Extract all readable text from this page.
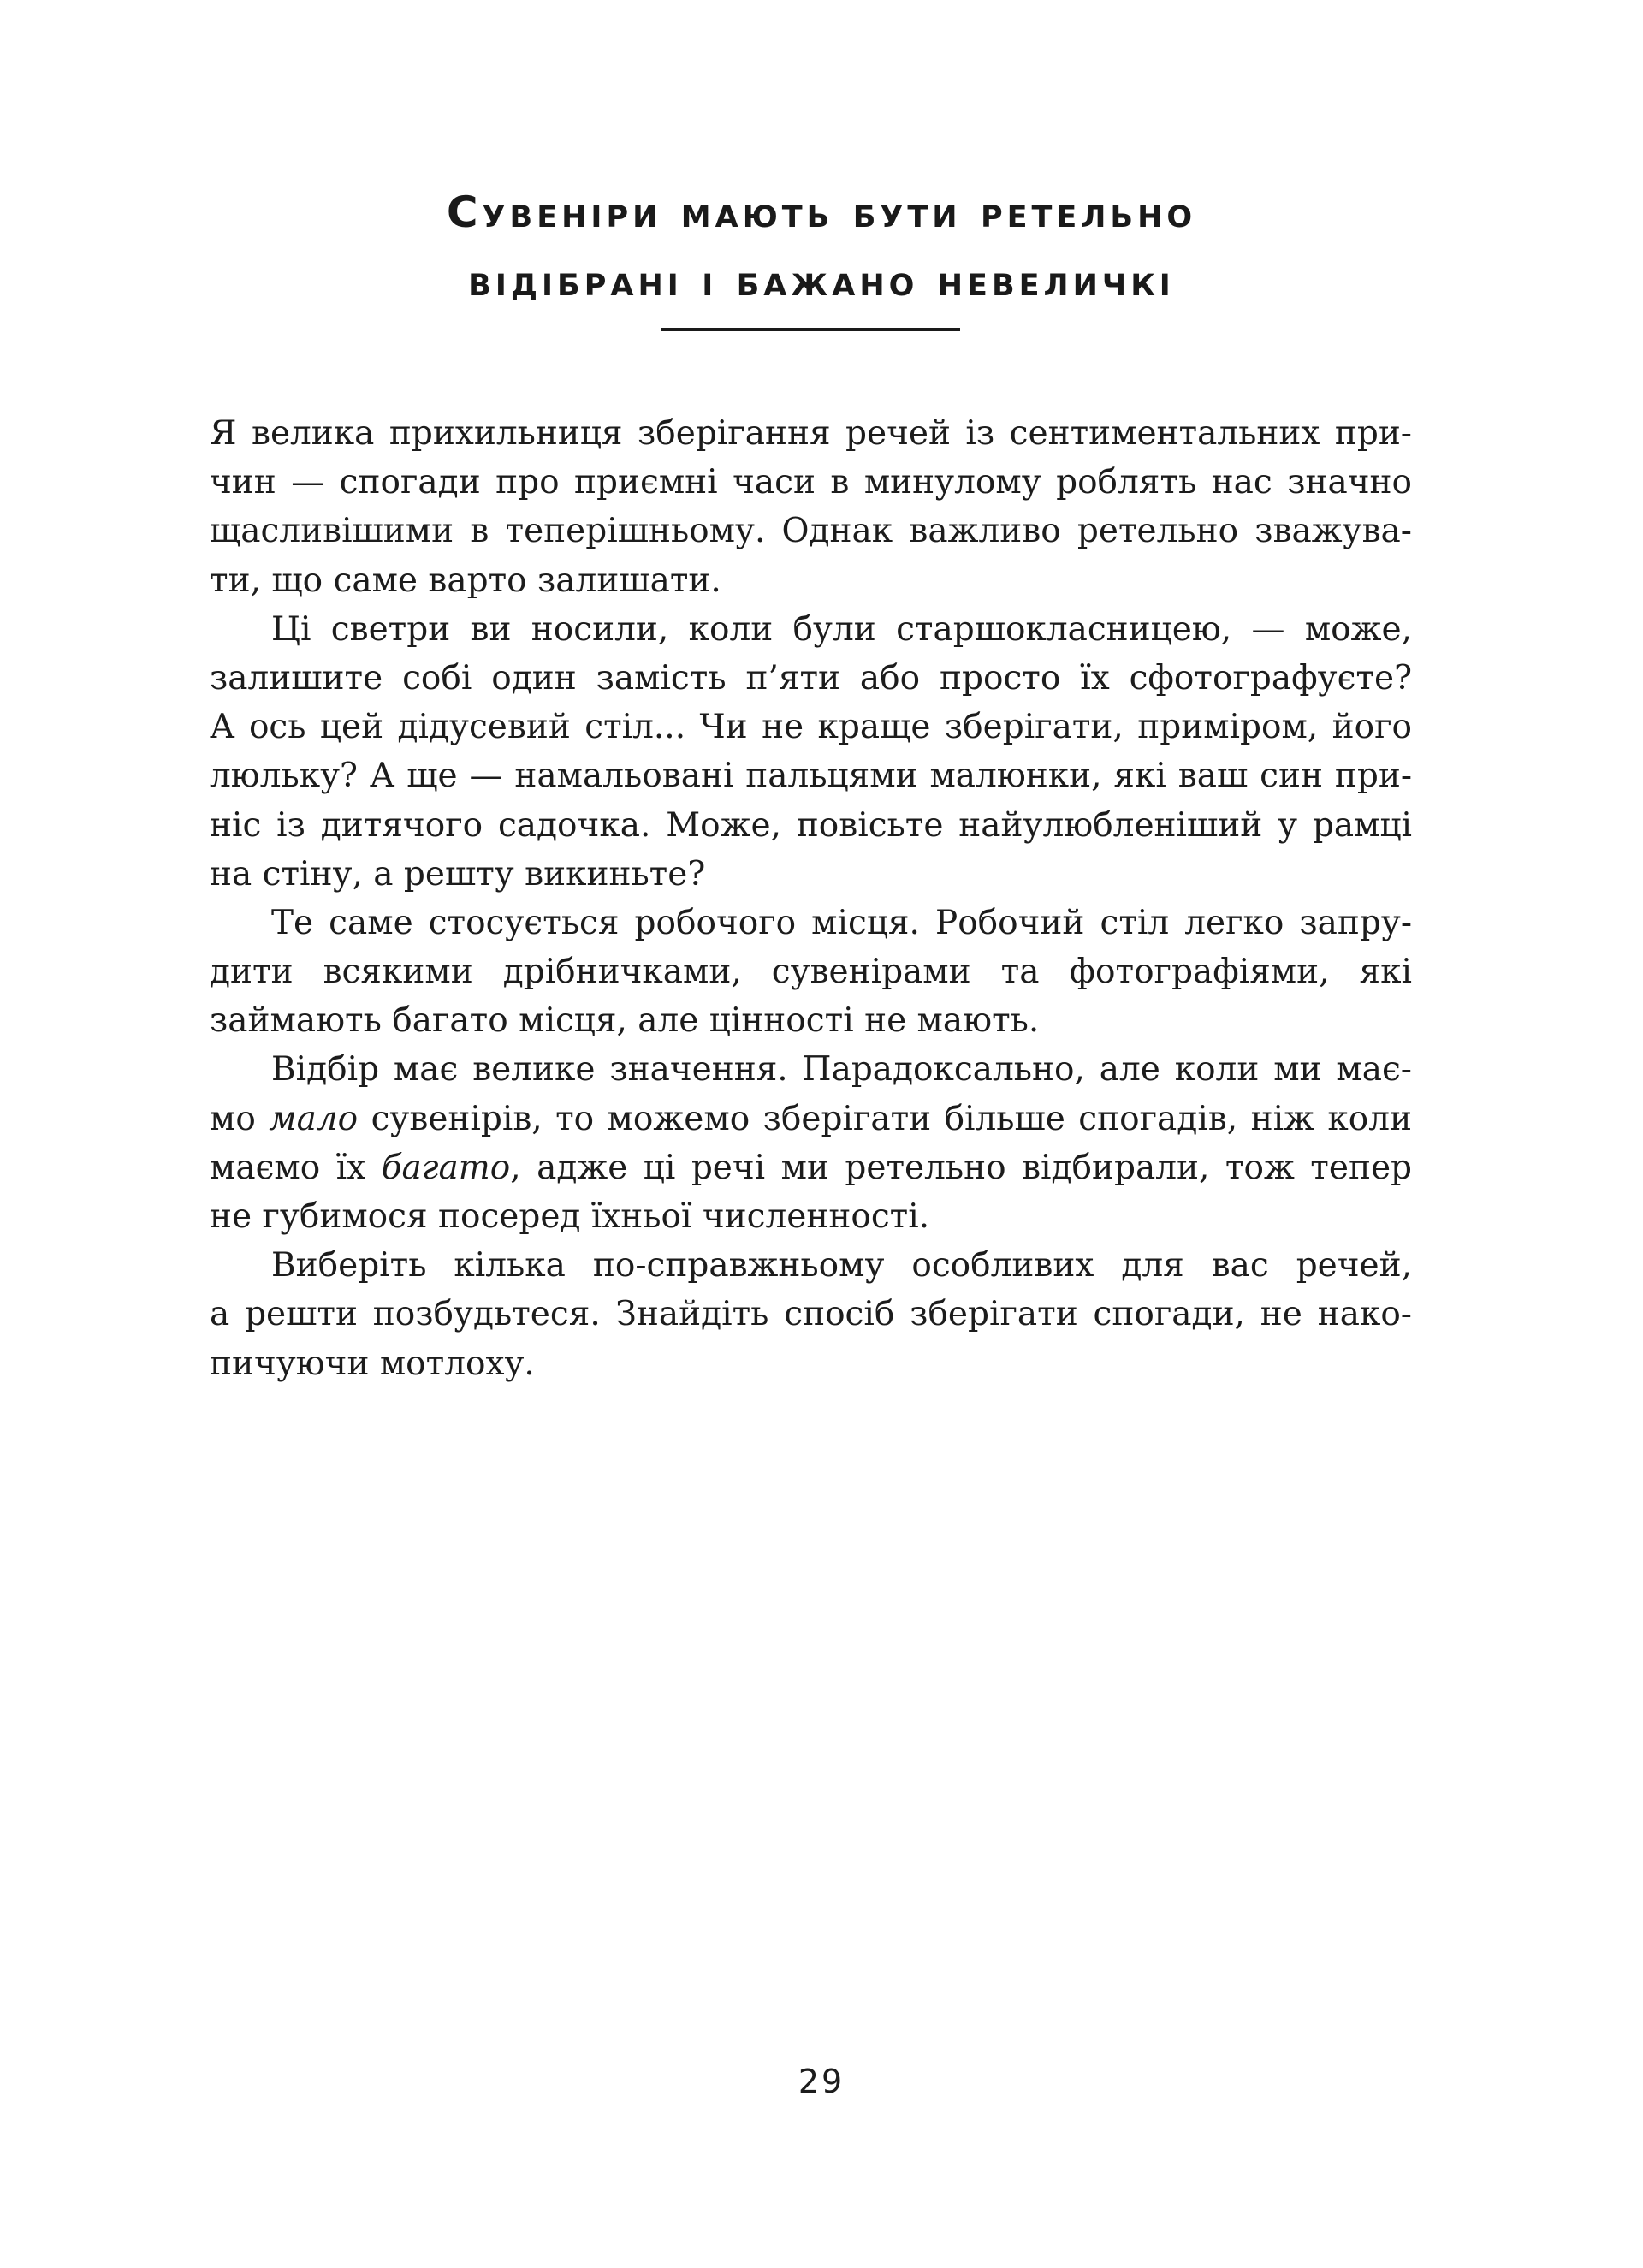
Сувеніри мають бути ретельно
відібрані і бажано невеличкі
Я велика прихильниця зберігання речей із сентиментальних при-
чин — спогади про приємні часи в минулому роблять нас значно
щасливішими в теперішньому. Однак важливо ретельно зважува-
ти, що саме варто залишати.
Ці светри ви носили, коли були старшокласницею, — може,
залишите собі один замість п’яти або просто їх сфотографуєте?
А ось цей дідусевий стіл... Чи не краще зберігати, приміром, його
люльку? А ще — намальовані пальцями малюнки, які ваш син при-
ніс із дитячого садочка. Може, повісьте найулюбленіший у рамці
на стіну, а решту викиньте?
Те саме стосується робочого місця. Робочий стіл легко запру-
дити всякими дрібничками, сувенірами та фотографіями, які
займають багато місця, але цінності не мають.
Відбір має велике значення. Парадоксально, але коли ми має-
мо мало сувенірів, то можемо зберігати більше спогадів, ніж коли
маємо їх багато, адже ці речі ми ретельно відбирали, тож тепер
не губимося посеред їхньої численності.
Виберіть кілька по-справжньому особливих для вас речей,
а решти позбудьтеся. Знайдіть спосіб зберігати спогади, не нако-
пичуючи мотлоху.
29
